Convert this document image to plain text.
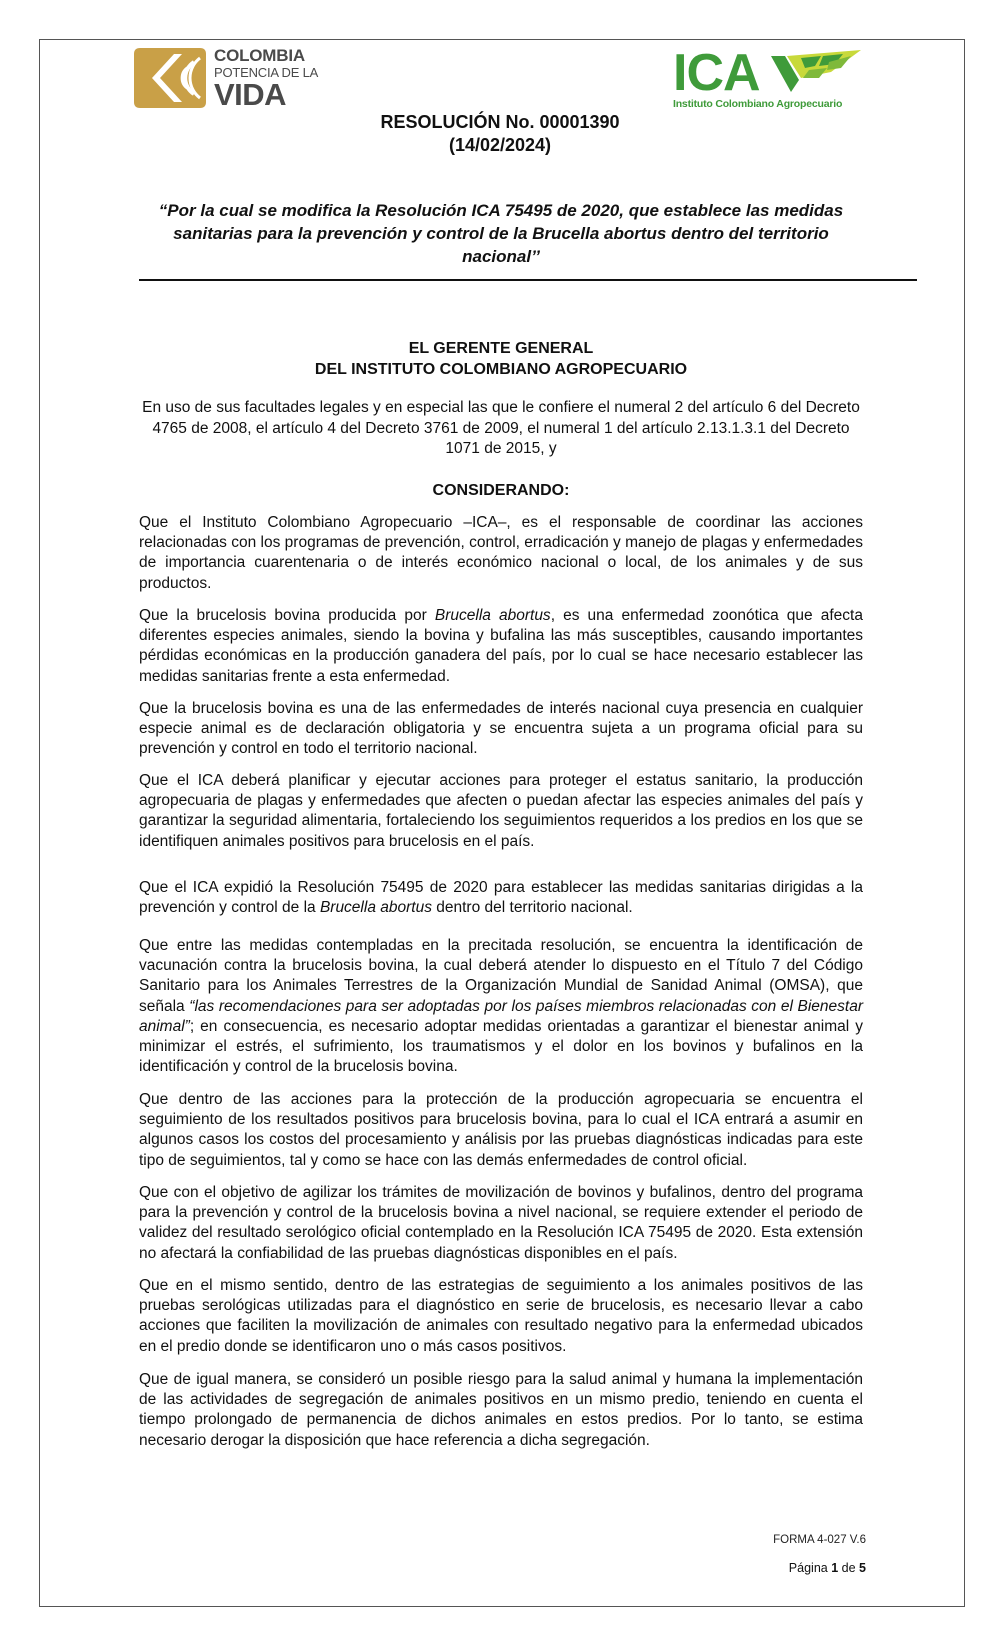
COLOMBIA
POTENCIA DE LA
VIDA	ICA
Instituto Colombiano Agropecuario
RESOLUCIÓN No. 00001390
(14/02/2024)
“Por la cual se modifica la Resolución ICA 75495 de 2020, que establece las medidas sanitarias para la prevención y control de la Brucella abortus dentro del territorio nacional’’
EL GERENTE GENERAL
DEL INSTITUTO COLOMBIANO AGROPECUARIO
En uso de sus facultades legales y en especial las que le confiere el numeral 2 del artículo 6 del Decreto 4765 de 2008, el artículo 4 del Decreto 3761 de 2009, el numeral 1 del artículo 2.13.1.3.1 del Decreto 1071 de 2015, y
CONSIDERANDO:
Que el Instituto Colombiano Agropecuario –ICA–, es el responsable de coordinar las acciones relacionadas con los programas de prevención, control, erradicación y manejo de plagas y enfermedades de importancia cuarentenaria o de interés económico nacional o local, de los animales y de sus productos.
Que la brucelosis bovina producida por Brucella abortus, es una enfermedad zoonótica que afecta diferentes especies animales, siendo la bovina y bufalina las más susceptibles, causando importantes pérdidas económicas en la producción ganadera del país, por lo cual se hace necesario establecer las medidas sanitarias frente a esta enfermedad.
Que la brucelosis bovina es una de las enfermedades de interés nacional cuya presencia en cualquier especie animal es de declaración obligatoria y se encuentra sujeta a un programa oficial para su prevención y control en todo el territorio nacional.
Que el ICA deberá planificar y ejecutar acciones para proteger el estatus sanitario, la producción agropecuaria de plagas y enfermedades que afecten o puedan afectar las especies animales del país y garantizar la seguridad alimentaria, fortaleciendo los seguimientos requeridos a los predios en los que se identifiquen animales positivos para brucelosis en el país.
Que el ICA expidió la Resolución 75495 de 2020 para establecer las medidas sanitarias dirigidas a la prevención y control de la Brucella abortus dentro del territorio nacional.
Que entre las medidas contempladas en la precitada resolución, se encuentra la identificación de vacunación contra la brucelosis bovina, la cual deberá atender lo dispuesto en el Título 7 del Código Sanitario para los Animales Terrestres de la Organización Mundial de Sanidad Animal (OMSA), que señala “las recomendaciones para ser adoptadas por los países miembros relacionadas con el Bienestar animal”; en consecuencia, es necesario adoptar medidas orientadas a garantizar el bienestar animal y minimizar el estrés, el sufrimiento, los traumatismos y el dolor en los bovinos y bufalinos en la identificación y control de la brucelosis bovina.
Que dentro de las acciones para la protección de la producción agropecuaria se encuentra el seguimiento de los resultados positivos para brucelosis bovina, para lo cual el ICA entrará a asumir en algunos casos los costos del procesamiento y análisis por las pruebas diagnósticas indicadas para este tipo de seguimientos, tal y como se hace con las demás enfermedades de control oficial.
Que con el objetivo de agilizar los trámites de movilización de bovinos y bufalinos, dentro del programa para la prevención y control de la brucelosis bovina a nivel nacional, se requiere extender el periodo de validez del resultado serológico oficial contemplado en la Resolución ICA 75495 de 2020. Esta extensión no afectará la confiabilidad de las pruebas diagnósticas disponibles en el país.
Que en el mismo sentido, dentro de las estrategias de seguimiento a los animales positivos de las pruebas serológicas utilizadas para el diagnóstico en serie de brucelosis, es necesario llevar a cabo acciones que faciliten la movilización de animales con resultado negativo para la enfermedad ubicados en el predio donde se identificaron uno o más casos positivos.
Que de igual manera, se consideró un posible riesgo para la salud animal y humana la implementación de las actividades de segregación de animales positivos en un mismo predio, teniendo en cuenta el tiempo prolongado de permanencia de dichos animales en estos predios. Por lo tanto, se estima necesario derogar la disposición que hace referencia a dicha segregación.
FORMA 4-027 V.6
Página 1 de 5
